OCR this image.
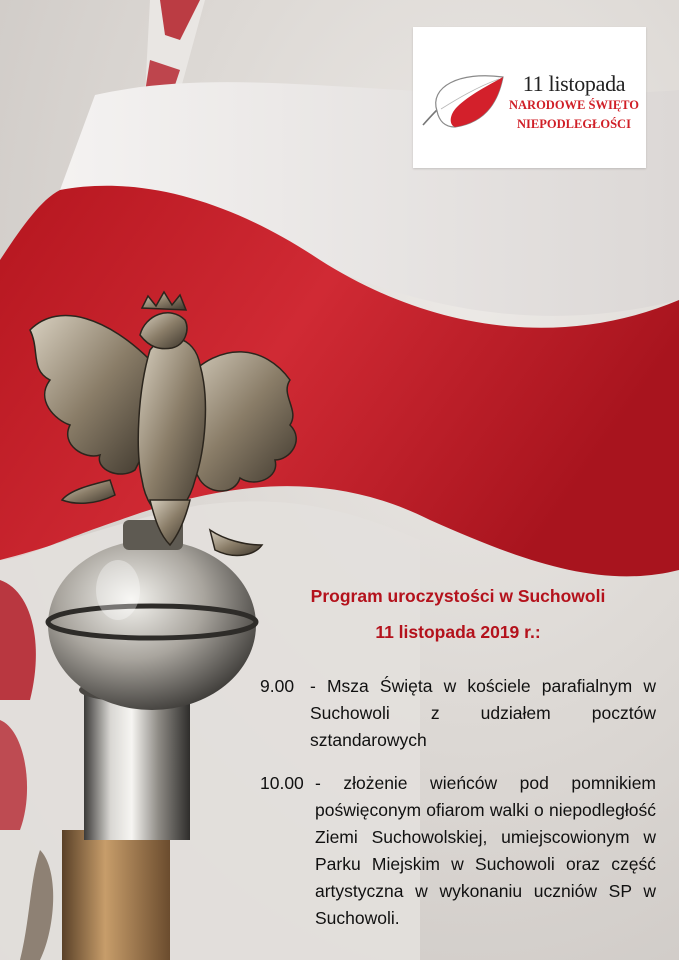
11 listopada
NARODOWE ŚWIĘTO
NIEPODLEGŁOŚCI
Program uroczystości w Suchowoli
11 listopada 2019 r.:
9.00 - Msza Święta w kościele parafialnym w Suchowoli z udziałem pocztów sztandarowych
10.00 - złożenie wieńców pod pomnikiem poświęconym ofiarom walki o niepodległość Ziemi Suchowolskiej, umiejscowionym w Parku Miejskim w Suchowoli oraz część artystyczna w wykonaniu uczniów SP w Suchowoli.
